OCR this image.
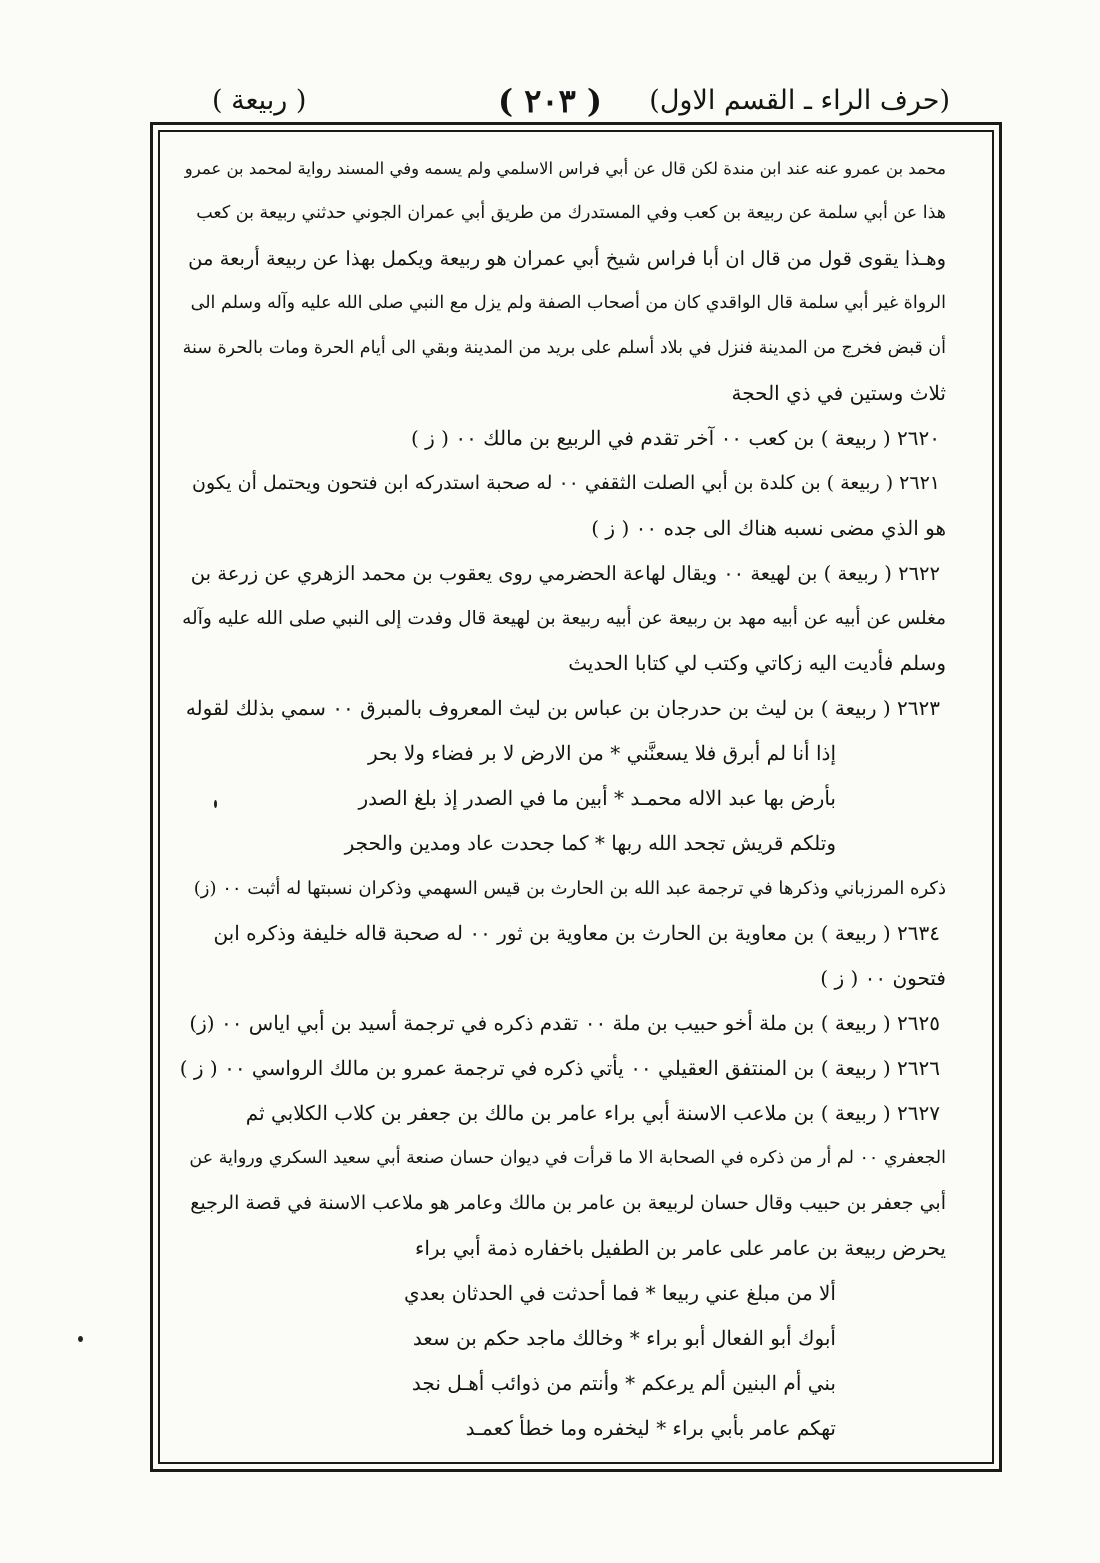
(حرف الراء ـ القسم الاول)
( ٢٠٣ )
( ربيعة )
محمد بن عمرو عنه عند ابن مندة لكن قال عن أبي فراس الاسلمي ولم يسمه وفي المسند رواية لمحمد بن عمرو
هذا عن أبي سلمة عن ربيعة بن كعب وفي المستدرك من طريق أبي عمران الجوني حدثني ربيعة بن كعب
وهـذا يقوى قول من قال ان أبا فراس شيخ أبي عمران هو ربيعة ويكمل بهذا عن ربيعة أربعة من
الرواة غير أبي سلمة قال الواقدي كان من أصحاب الصفة ولم يزل مع النبي صلى الله عليه وآله وسلم الى
أن قبض فخرج من المدينة فنزل في بلاد أسلم على بريد من المدينة وبقي الى أيام الحرة ومات بالحرة سنة
ثلاث وستين في ذي الحجة
٢٦٢٠ ( ربيعة ) بن كعب ٠٠ آخر تقدم في الربيع بن مالك ٠٠ ( ز )
٢٦٢١ ( ربيعة ) بن كلدة بن أبي الصلت الثقفي ٠٠ له صحبة استدركه ابن فتحون ويحتمل أن يكون
هو الذي مضى نسبه هناك الى جده ٠٠ ( ز )
٢٦٢٢ ( ربيعة ) بن لهيعة ٠٠ ويقال لهاعة الحضرمي روى يعقوب بن محمد الزهري عن زرعة بن
مغلس عن أبيه عن أبيه مهد بن ربيعة عن أبيه ربيعة بن لهيعة قال وفدت إلى النبي صلى الله عليه وآله
وسلم فأديت اليه زكاتي وكتب لي كتابا الحديث
٢٦٢٣ ( ربيعة ) بن ليث بن حدرجان بن عباس بن ليث المعروف بالمبرق ٠٠ سمي بذلك لقوله
إذا أنا لم أبرق فلا يسعنَّني * من الارض لا بر فضاء ولا بحر
بأرض بها عبد الاله محمـد * أبين ما في الصدر إذ بلغ الصدر
وتلكم قريش تجحد الله ربها * كما جحدت عاد ومدين والحجر
ذكره المرزباني وذكرها في ترجمة عبد الله بن الحارث بن قيس السهمي وذكران نسبتها له أثبت ٠٠ (ز)
٢٦٣٤ ( ربيعة ) بن معاوية بن الحارث بن معاوية بن ثور ٠٠ له صحبة قاله خليفة وذكره ابن
فتحون ٠٠ ( ز )
٢٦٢٥ ( ربيعة ) بن ملة أخو حبيب بن ملة ٠٠ تقدم ذكره في ترجمة أسيد بن أبي اياس ٠٠ (ز)
٢٦٢٦ ( ربيعة ) بن المنتفق العقيلي ٠٠ يأتي ذكره في ترجمة عمرو بن مالك الرواسي ٠٠ ( ز )
٢٦٢٧ ( ربيعة ) بن ملاعب الاسنة أبي براء عامر بن مالك بن جعفر بن كلاب الكلابي ثم
الجعفري ٠٠ لم أر من ذكره في الصحابة الا ما قرأت في ديوان حسان صنعة أبي سعيد السكري ورواية عن
أبي جعفر بن حبيب وقال حسان لربيعة بن عامر بن مالك وعامر هو ملاعب الاسنة في قصة الرجيع
يحرض ربيعة بن عامر على عامر بن الطفيل باخفاره ذمة أبي براء
ألا من مبلغ عني ربيعا * فما أحدثت في الحدثان بعدي
أبوك أبو الفعال أبو براء * وخالك ماجد حكم بن سعد
بني أم البنين ألم يرعكم * وأنتم من ذوائب أهـل نجد
تهكم عامر بأبي براء * ليخفره وما خطأ كعمـد
